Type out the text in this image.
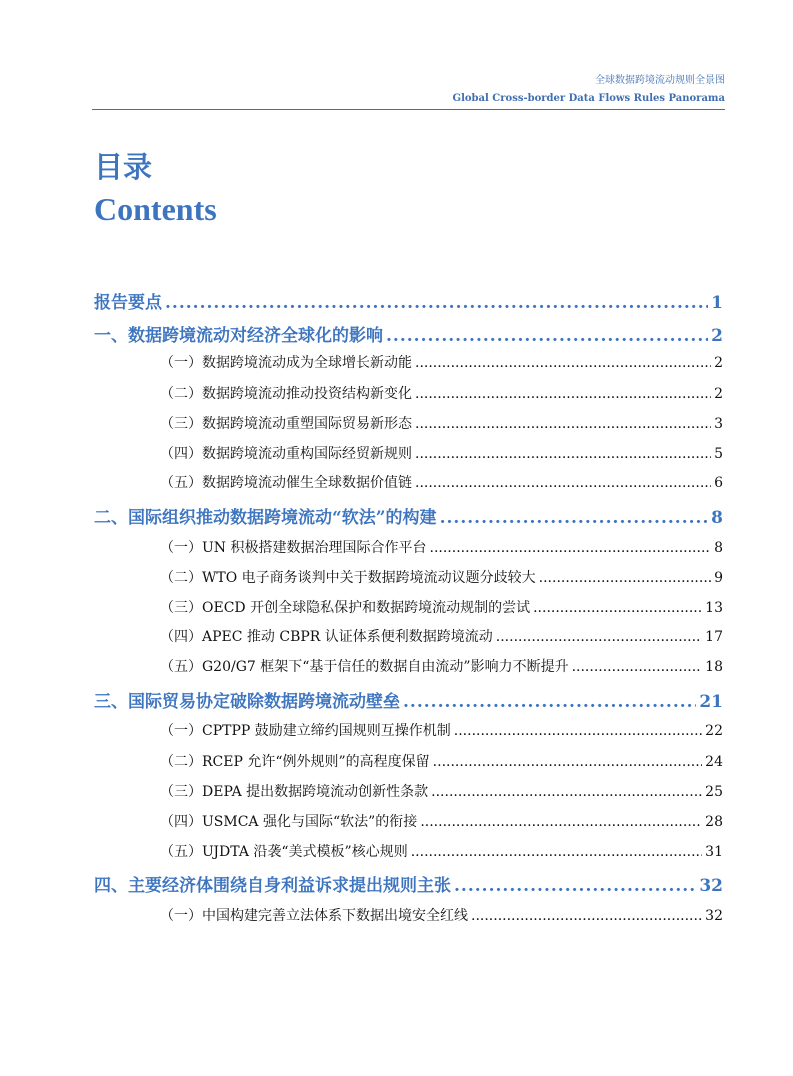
全球数据跨境流动规则全景图
Global Cross-border Data Flows Rules Panorama
目录
Contents
报告要点 .....	1
一、数据跨境流动对经济全球化的影响 .....	2
（一）数据跨境流动成为全球增长新动能 .....	2
（二）数据跨境流动推动投资结构新变化 .....	2
（三）数据跨境流动重塑国际贸易新形态 .....	3
（四）数据跨境流动重构国际经贸新规则 .....	5
（五）数据跨境流动催生全球数据价值链 .....	6
二、国际组织推动数据跨境流动“软法”的构建 .....	8
（一）UN 积极搭建数据治理国际合作平台 .....	8
（二）WTO 电子商务谈判中关于数据跨境流动议题分歧较大 .....	9
（三）OECD 开创全球隐私保护和数据跨境流动规制的尝试 .....	13
（四）APEC 推动 CBPR 认证体系便利数据跨境流动 .....	17
（五）G20/G7 框架下“基于信任的数据自由流动”影响力不断提升 .....	18
三、国际贸易协定破除数据跨境流动壁垒 .....	21
（一）CPTPP 鼓励建立缔约国规则互操作机制 .....	22
（二）RCEP 允许“例外规则”的高程度保留 .....	24
（三）DEPA 提出数据跨境流动创新性条款 .....	25
（四）USMCA 强化与国际“软法”的衔接 .....	28
（五）UJDTA 沿袭“美式模板”核心规则 .....	31
四、主要经济体围绕自身利益诉求提出规则主张 .....	32
（一）中国构建完善立法体系下数据出境安全红线 .....	32
